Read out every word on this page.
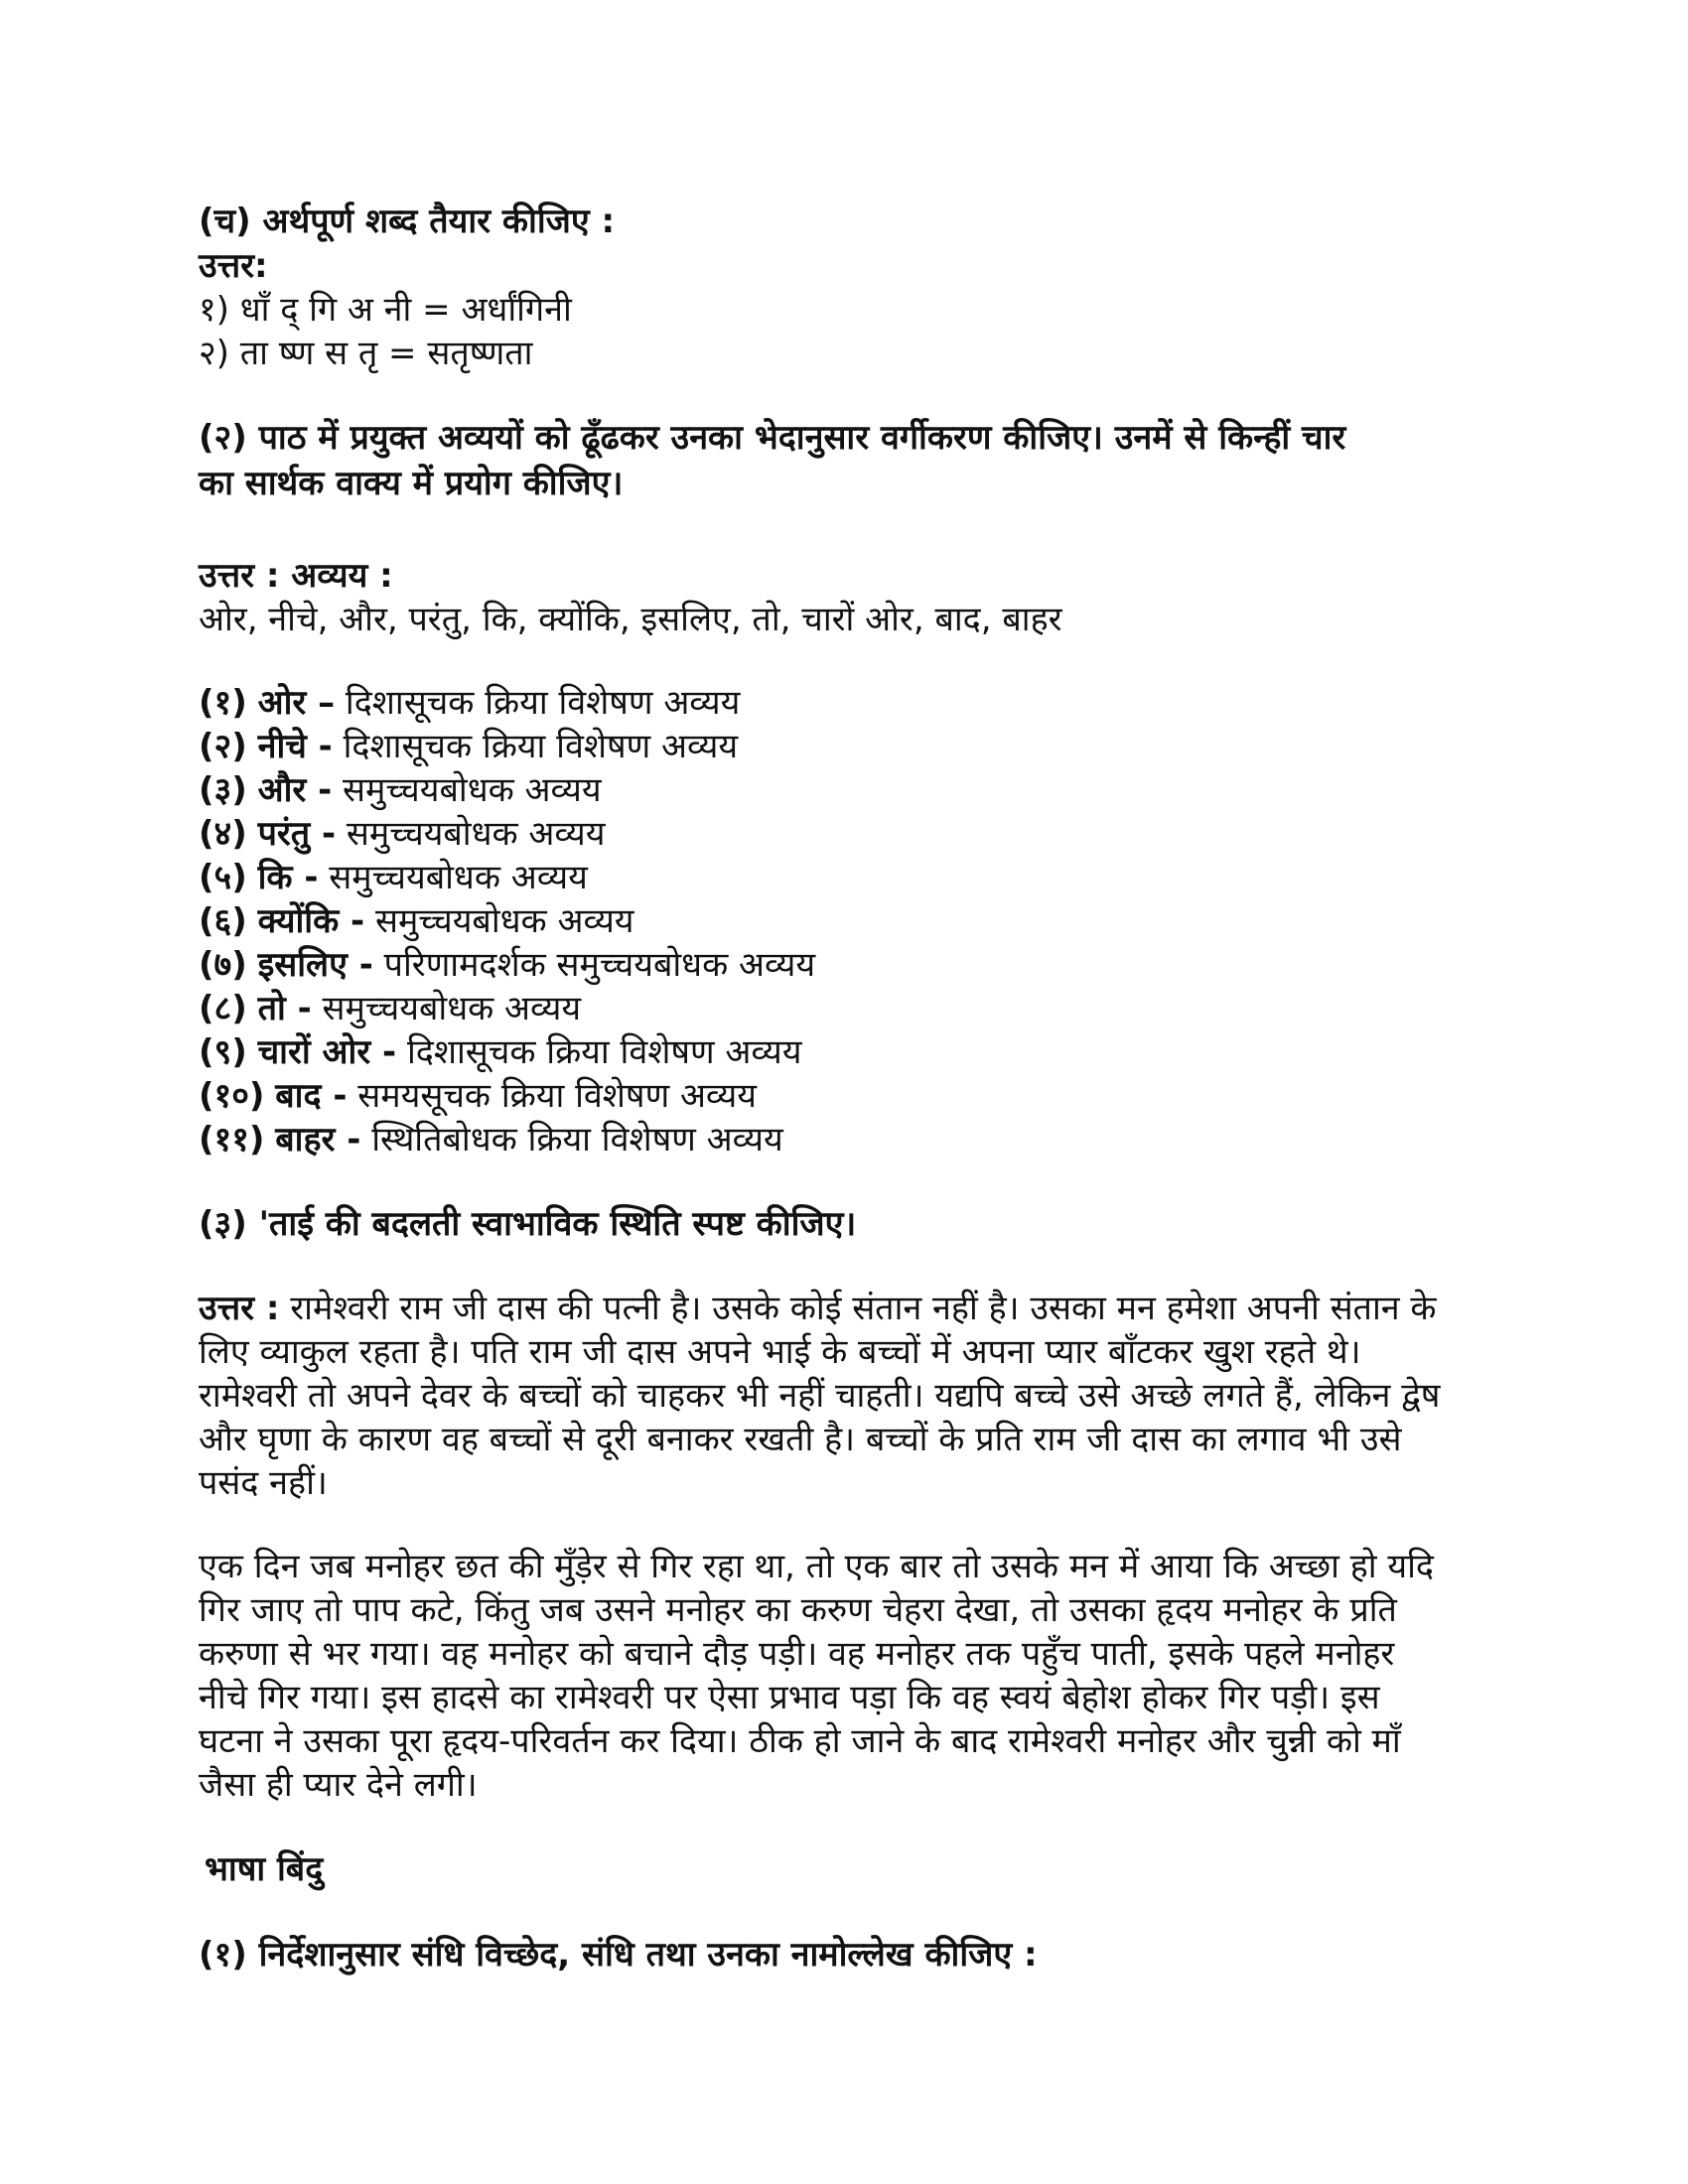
(च) अर्थपूर्ण शब्द तैयार कीजिए :
उत्तर:
१) धाँ द् गि अ नी = अर्धांगिनी
२) ता ष्ण स तृ = सतृष्णता
(२) पाठ में प्रयुक्त अव्ययों को ढूँढकर उनका भेदानुसार वर्गीकरण कीजिए। उनमें से किन्हीं चार
का सार्थक वाक्य में प्रयोग कीजिए।
उत्तर : अव्यय :
ओर, नीचे, और, परंतु, कि, क्योंकि, इसलिए, तो, चारों ओर, बाद, बाहर
(१) ओर – दिशासूचक क्रिया विशेषण अव्यय
(२) नीचे - दिशासूचक क्रिया विशेषण अव्यय
(३) और - समुच्चयबोधक अव्यय
(४) परंतु - समुच्चयबोधक अव्यय
(५) कि - समुच्चयबोधक अव्यय
(६) क्योंकि - समुच्चयबोधक अव्यय
(७) इसलिए - परिणामदर्शक समुच्चयबोधक अव्यय
(८) तो - समुच्चयबोधक अव्यय
(९) चारों ओर - दिशासूचक क्रिया विशेषण अव्यय
(१०) बाद - समयसूचक क्रिया विशेषण अव्यय
(११) बाहर - स्थितिबोधक क्रिया विशेषण अव्यय
(३) 'ताई की बदलती स्वाभाविक स्थिति स्पष्ट कीजिए।
उत्तर : रामेश्वरी राम जी दास की पत्नी है। उसके कोई संतान नहीं है। उसका मन हमेशा अपनी संतान के
लिए व्याकुल रहता है। पति राम जी दास अपने भाई के बच्चों में अपना प्यार बाँटकर खुश रहते थे।
रामेश्वरी तो अपने देवर के बच्चों को चाहकर भी नहीं चाहती। यद्यपि बच्चे उसे अच्छे लगते हैं, लेकिन द्वेष
और घृणा के कारण वह बच्चों से दूरी बनाकर रखती है। बच्चों के प्रति राम जी दास का लगाव भी उसे
पसंद नहीं।
एक दिन जब मनोहर छत की मुँड़ेर से गिर रहा था, तो एक बार तो उसके मन में आया कि अच्छा हो यदि
गिर जाए तो पाप कटे, किंतु जब उसने मनोहर का करुण चेहरा देखा, तो उसका हृदय मनोहर के प्रति
करुणा से भर गया। वह मनोहर को बचाने दौड़ पड़ी। वह मनोहर तक पहुँच पाती, इसके पहले मनोहर
नीचे गिर गया। इस हादसे का रामेश्वरी पर ऐसा प्रभाव पड़ा कि वह स्वयं बेहोश होकर गिर पड़ी। इस
घटना ने उसका पूरा हृदय-परिवर्तन कर दिया। ठीक हो जाने के बाद रामेश्वरी मनोहर और चुन्नी को माँ
जैसा ही प्यार देने लगी।
भाषा बिंदु
(१) निर्देशानुसार संधि विच्छेद, संधि तथा उनका नामोल्लेख कीजिए :
